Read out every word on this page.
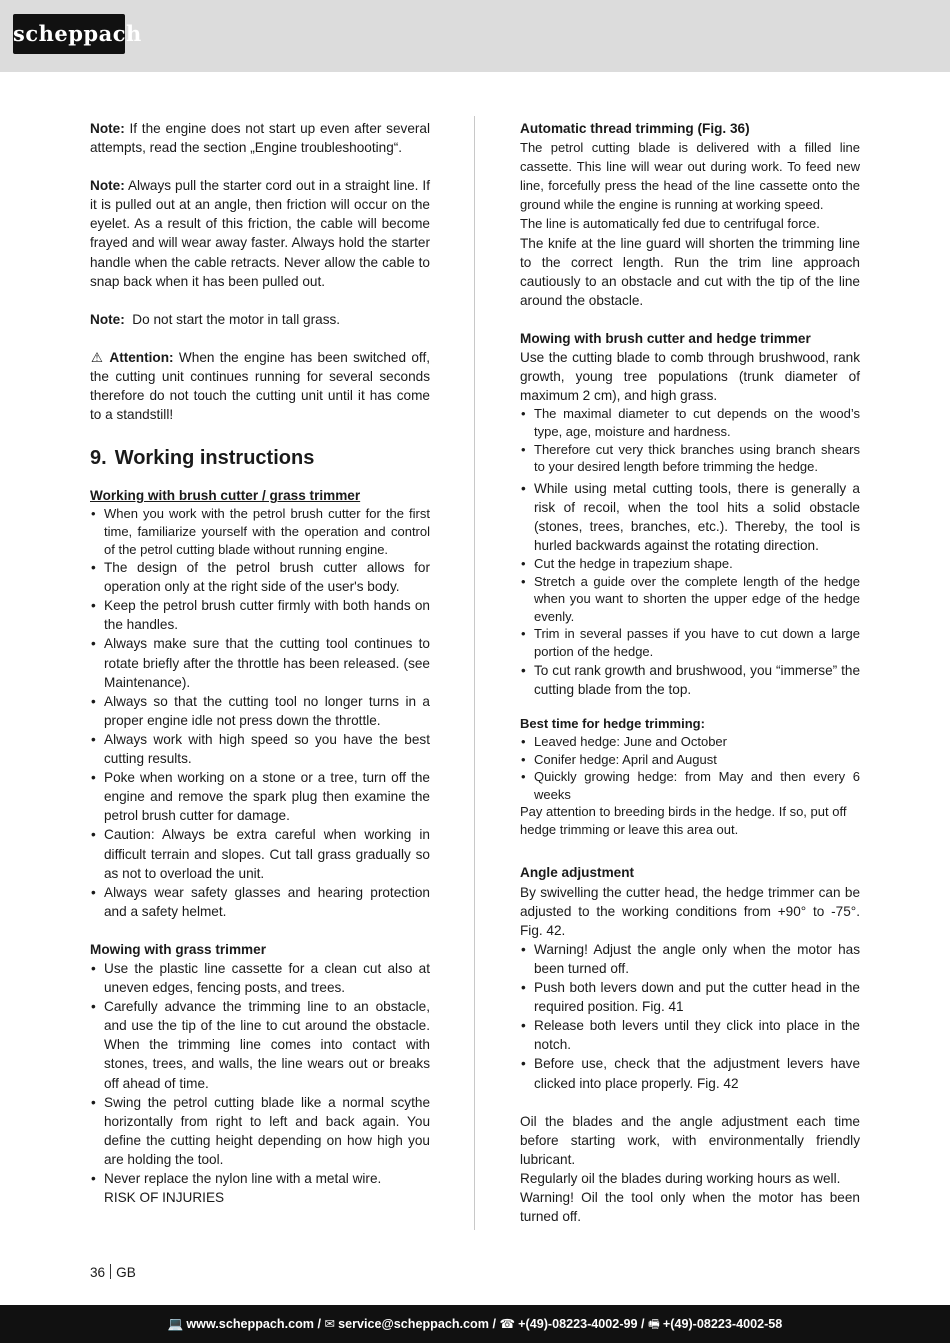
scheppach

Note: If the engine does not start up even after several attempts, read the section „Engine troubleshooting“.

Note: Always pull the starter cord out in a straight line. If it is pulled out at an angle, then friction will occur on the eyelet. As a result of this friction, the cable will become frayed and will wear away faster. Always hold the starter handle when the cable retracts. Never allow the cable to snap back when it has been pulled out.

Note:  Do not start the motor in tall grass.

⚠ Attention: When the engine has been switched off, the cutting unit continues running for several seconds therefore do not touch the cutting unit until it has come to a standstill!

9. Working instructions
Working with brush cutter / grass trimmer
• When you work with the petrol brush cutter for the first time, familiarize yourself with the operation and control of the petrol cutting blade without running engine.
• The design of the petrol brush cutter allows for operation only at the right side of the user's body.
• Keep the petrol brush cutter firmly with both hands on the handles.
• Always make sure that the cutting tool continues to rotate briefly after the throttle has been released. (see Maintenance).
• Always so that the cutting tool no longer turns in a proper engine idle not press down the throttle.
• Always work with high speed so you have the best cutting results.
• Poke when working on a stone or a tree, turn off the engine and remove the spark plug then examine the petrol brush cutter for damage.
• Caution: Always be extra careful when working in difficult terrain and slopes. Cut tall grass gradually so as not to overload the unit.
• Always wear safety glasses and hearing protection and a safety helmet.
Mowing with grass trimmer
• Use the plastic line cassette for a clean cut also at uneven edges, fencing posts, and trees.
• Carefully advance the trimming line to an obstacle, and use the tip of the line to cut around the obstacle. When the trimming line comes into contact with stones, trees, and walls, the line wears out or breaks off ahead of time.
• Swing the petrol cutting blade like a normal scythe horizontally from right to left and back again. You define the cutting height depending on how high you are holding the tool.
• Never replace the nylon line with a metal wire.

RISK OF INJURIES

Automatic thread trimming (Fig. 36)

The petrol cutting blade is delivered with a filled line cassette. This line will wear out during work. To feed new line, forcefully press the head of the line cassette onto the ground while the engine is running at working speed.

The line is automatically fed due to centrifugal force.

The knife at the line guard will shorten the trimming line to the correct length. Run the trim line approach cautiously to an obstacle and cut with the tip of the line around the obstacle.

Mowing with brush cutter and hedge trimmer

Use the cutting blade to comb through brushwood, rank growth, young tree populations (trunk diameter of maximum 2 cm), and high grass.

• The maximal diameter to cut depends on the wood’s type, age, moisture and hardness.
• Therefore cut very thick branches using branch shears to your desired length before trimming the hedge.
• While using metal cutting tools, there is generally a risk of recoil, when the tool hits a solid obstacle (stones, trees, branches, etc.). Thereby, the tool is hurled backwards against the rotating direction.
• Cut the hedge in trapezium shape.
• Stretch a guide over the complete length of the hedge when you want to shorten the upper edge of the hedge evenly.
• Trim in several passes if you have to cut down a large portion of the hedge.
• To cut rank growth and brushwood, you “immerse” the cutting blade from the top.
Best time for hedge trimming:
• Leaved hedge: June and October
• Conifer hedge: April and August
• Quickly growing hedge: from May and then every 6 weeks

Pay attention to breeding birds in the hedge. If so, put off hedge trimming or leave this area out.

Angle adjustment

By swivelling the cutter head, the hedge trimmer can be adjusted to the working conditions from +90° to -75°. Fig. 42.

• Warning! Adjust the angle only when the motor has been turned off.
• Push both levers down and put the cutter head in the required position. Fig. 41
• Release both levers until they click into place in the notch.
• Before use, check that the adjustment levers have clicked into place properly. Fig. 42

Oil the blades and the angle adjustment each time before starting work, with environmentally friendly lubricant.

Regularly oil the blades during working hours as well.

Warning! Oil the tool only when the motor has been turned off.

36 GB
💻 www.scheppach.com / ✉ service@scheppach.com / ☎ +(49)-08223-4002-99 / 🖷 +(49)-08223-4002-58
